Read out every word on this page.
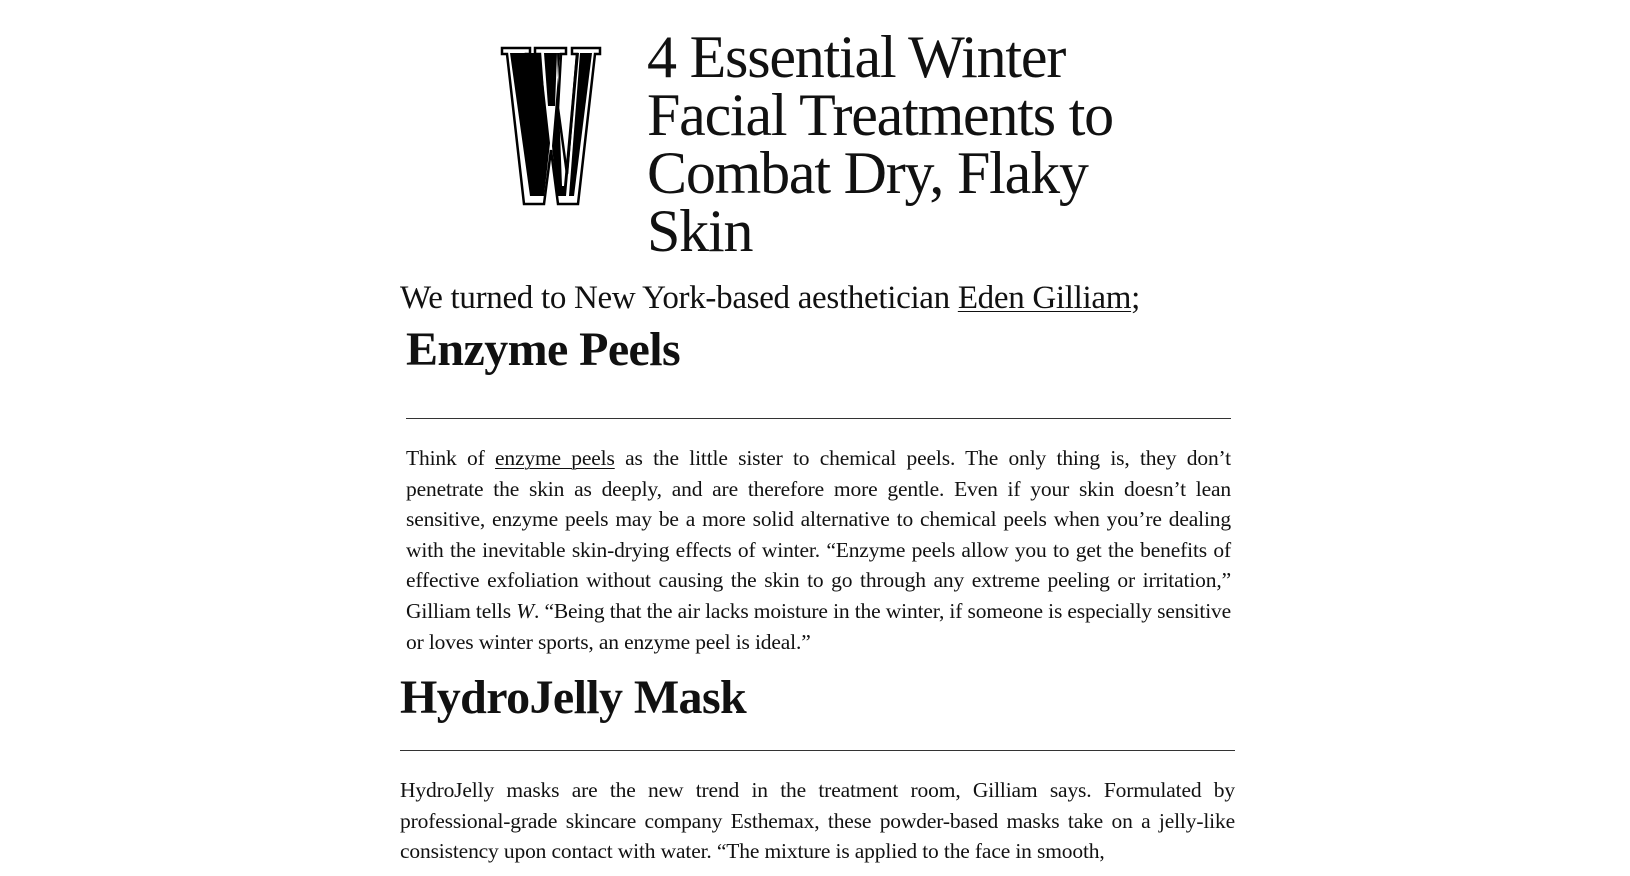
4 Essential Winter Facial Treatments to Combat Dry, Flaky Skin

We turned to New York-based aesthetician Eden Gilliam;

Enzyme Peels

Think of enzyme peels as the little sister to chemical peels. The only thing is, they don’t penetrate the skin as deeply, and are therefore more gentle. Even if your skin doesn’t lean sensitive, enzyme peels may be a more solid alternative to chemical peels when you’re dealing with the inevitable skin-drying effects of winter. “Enzyme peels allow you to get the benefits of effective exfoliation without causing the skin to go through any extreme peeling or irritation,” Gilliam tells W. “Being that the air lacks moisture in the winter, if someone is especially sensitive or loves winter sports, an enzyme peel is ideal.”

HydroJelly Mask

HydroJelly masks are the new trend in the treatment room, Gilliam says. Formulated by professional-grade skincare company Esthemax, these powder-based masks take on a jelly-like consistency upon contact with water. “The mixture is applied to the face in smooth,
